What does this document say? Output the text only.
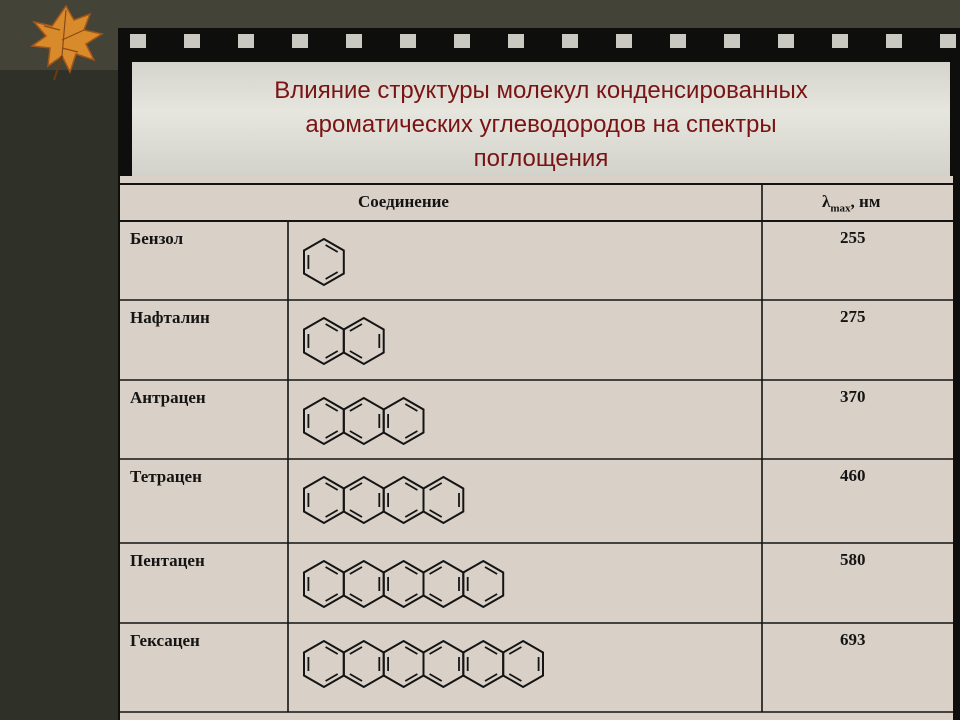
Влияние структуры молекул конденсированных
ароматических углеводородов на спектры
поглощения
Соединение	$\lambda_{max}$, нм
Бензол	255
Нафталин	275
Антрацен	370
Тетрацен	460
Пентацен	580
Гексацен	693
